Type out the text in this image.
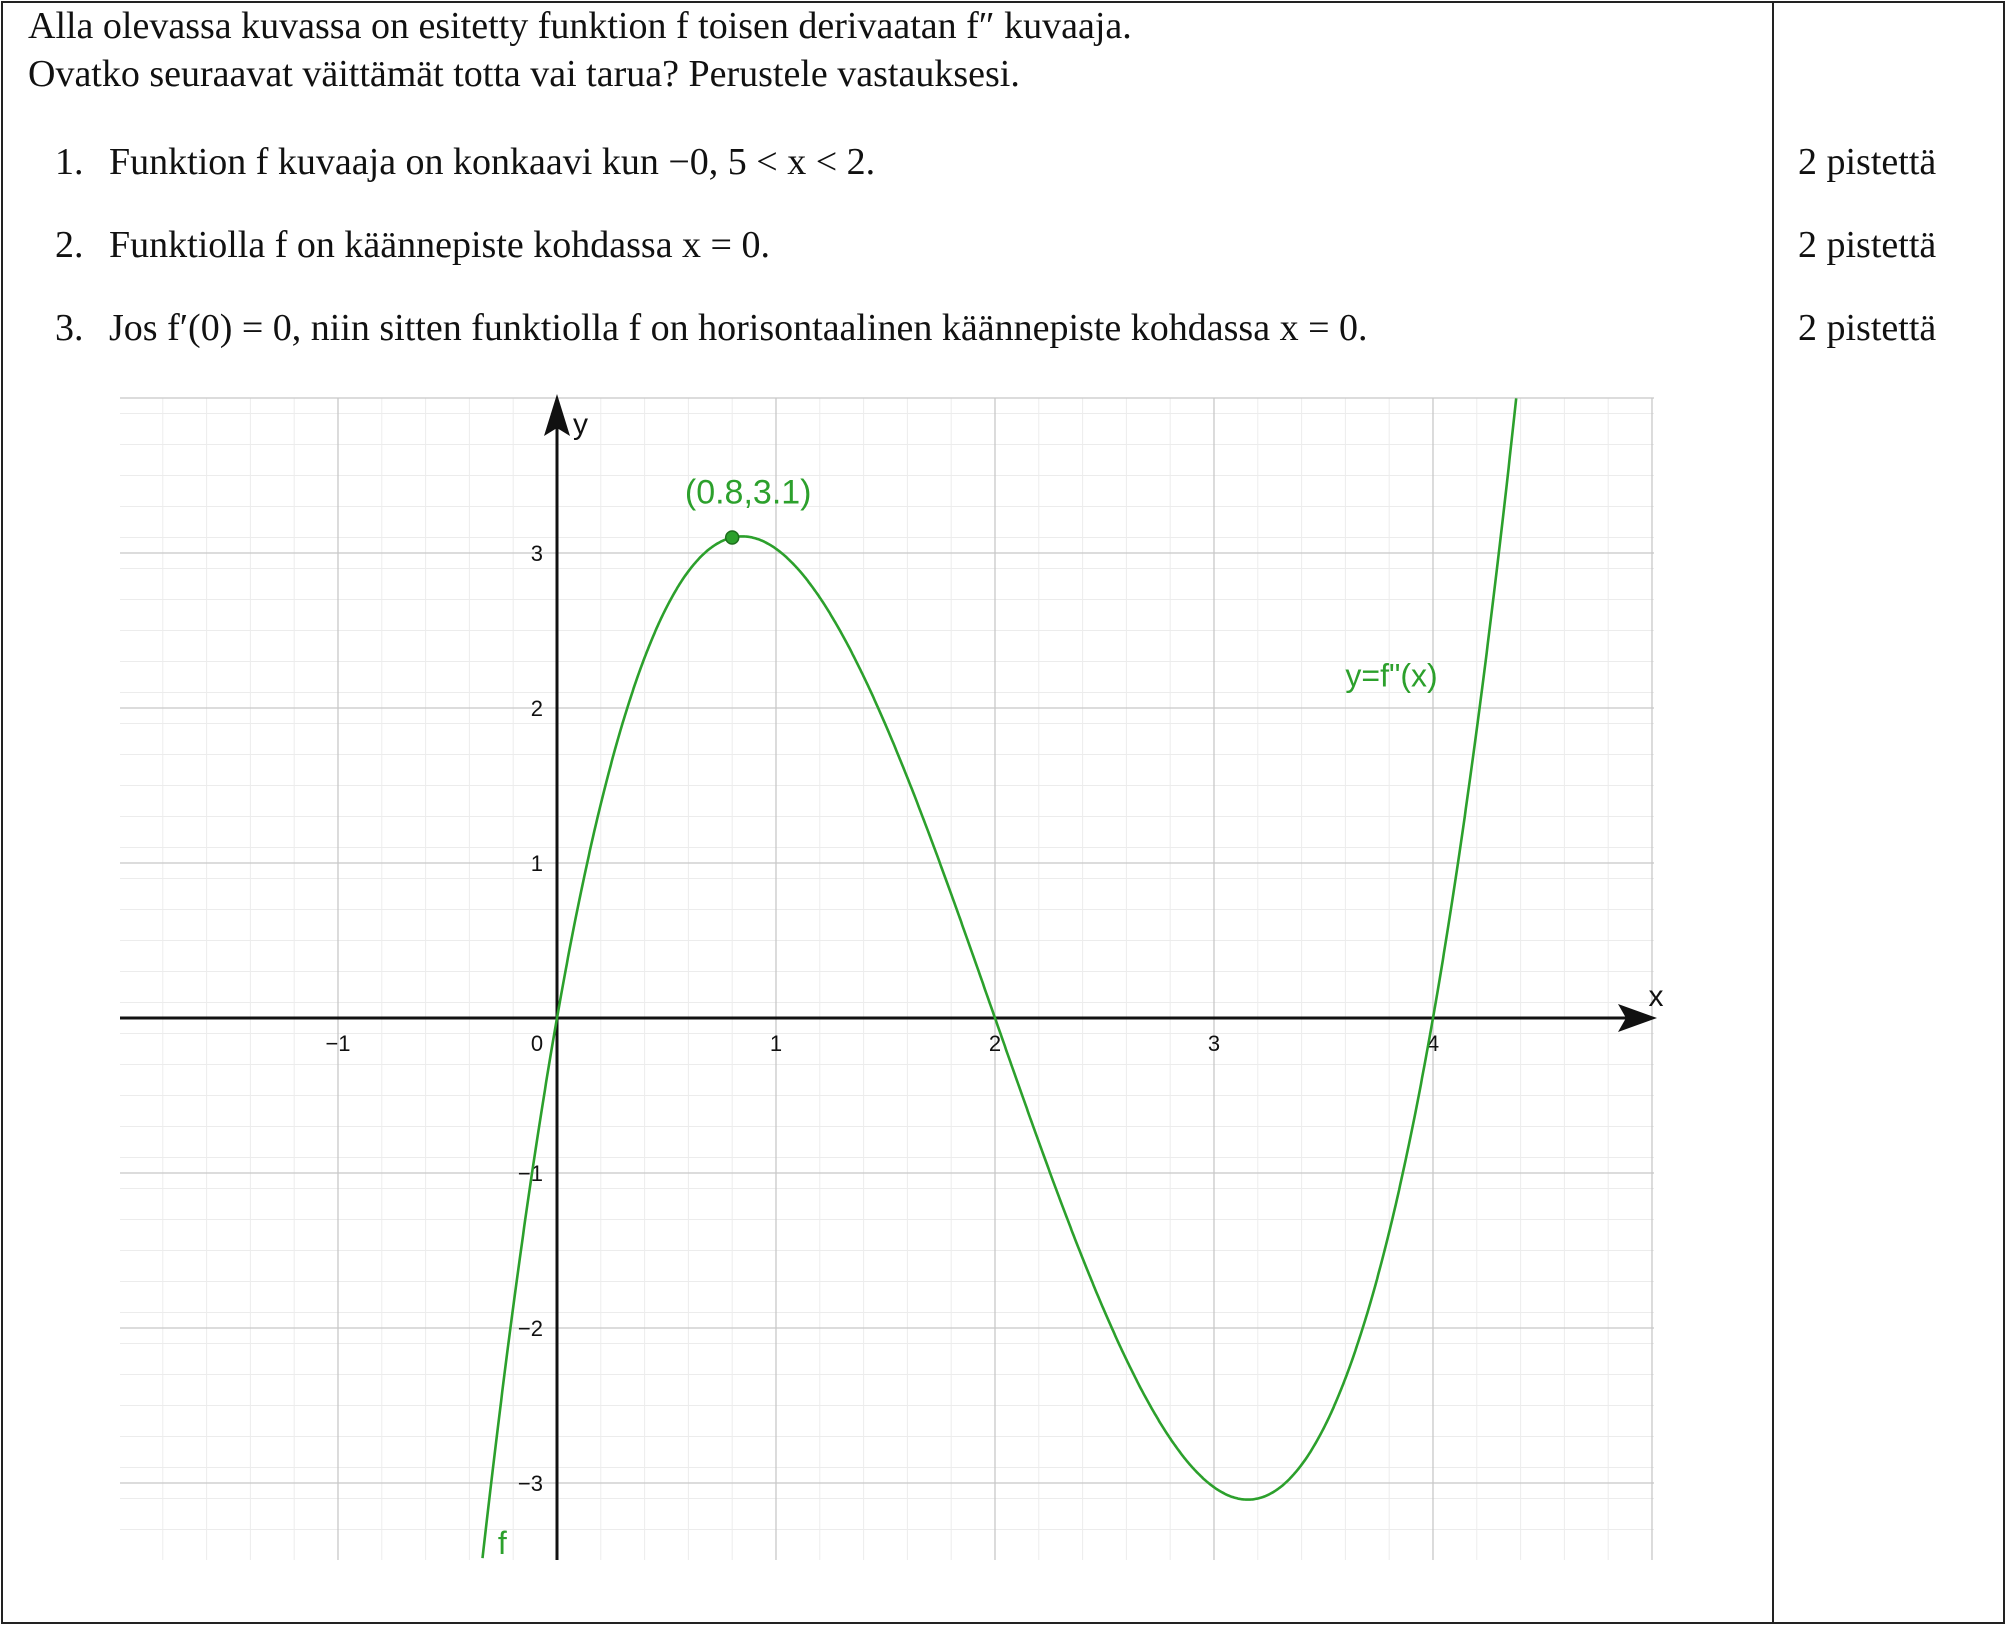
Alla olevassa kuvassa on esitetty funktion f toisen derivaatan f″ kuvaaja.
Ovatko seuraavat väittämät totta vai tarua? Perustele vastauksesi.
1. Funktion f kuvaaja on konkaavi kun −0, 5 < x < 2.	2 pistettä
2. Funktiolla f on käännepiste kohdassa x = 0.	2 pistettä
3. Jos f′(0) = 0, niin sitten funktiolla f on horisontaalinen käännepiste kohdassa x = 0.	2 pistettä
x
y
−1	0	1	2	3	4
3
2
1
−1
−2
−3
f
y=f"(x)
(0.8,3.1)
